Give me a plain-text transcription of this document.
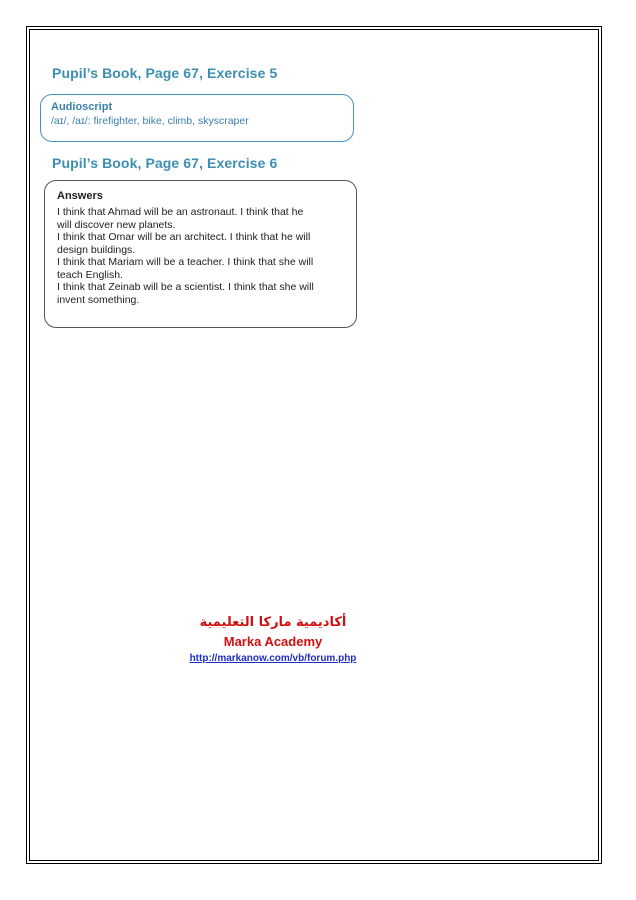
Pupil’s Book, Page 67, Exercise 5

Audioscript

/aɪ/, /aɪ/: firefighter, bike, climb, skyscraper

Pupil’s Book, Page 67, Exercise 6

Answers

I think that Ahmad will be an astronaut. I think that he

will discover new planets.

I think that Omar will be an architect. I think that he will

design buildings.

I think that Mariam will be a teacher. I think that she will

teach English.

I think that Zeinab will be a scientist. I think that she will

invent something.

أكاديمية ماركا التعليمية
Marka Academy
http://markanow.com/vb/forum.php
